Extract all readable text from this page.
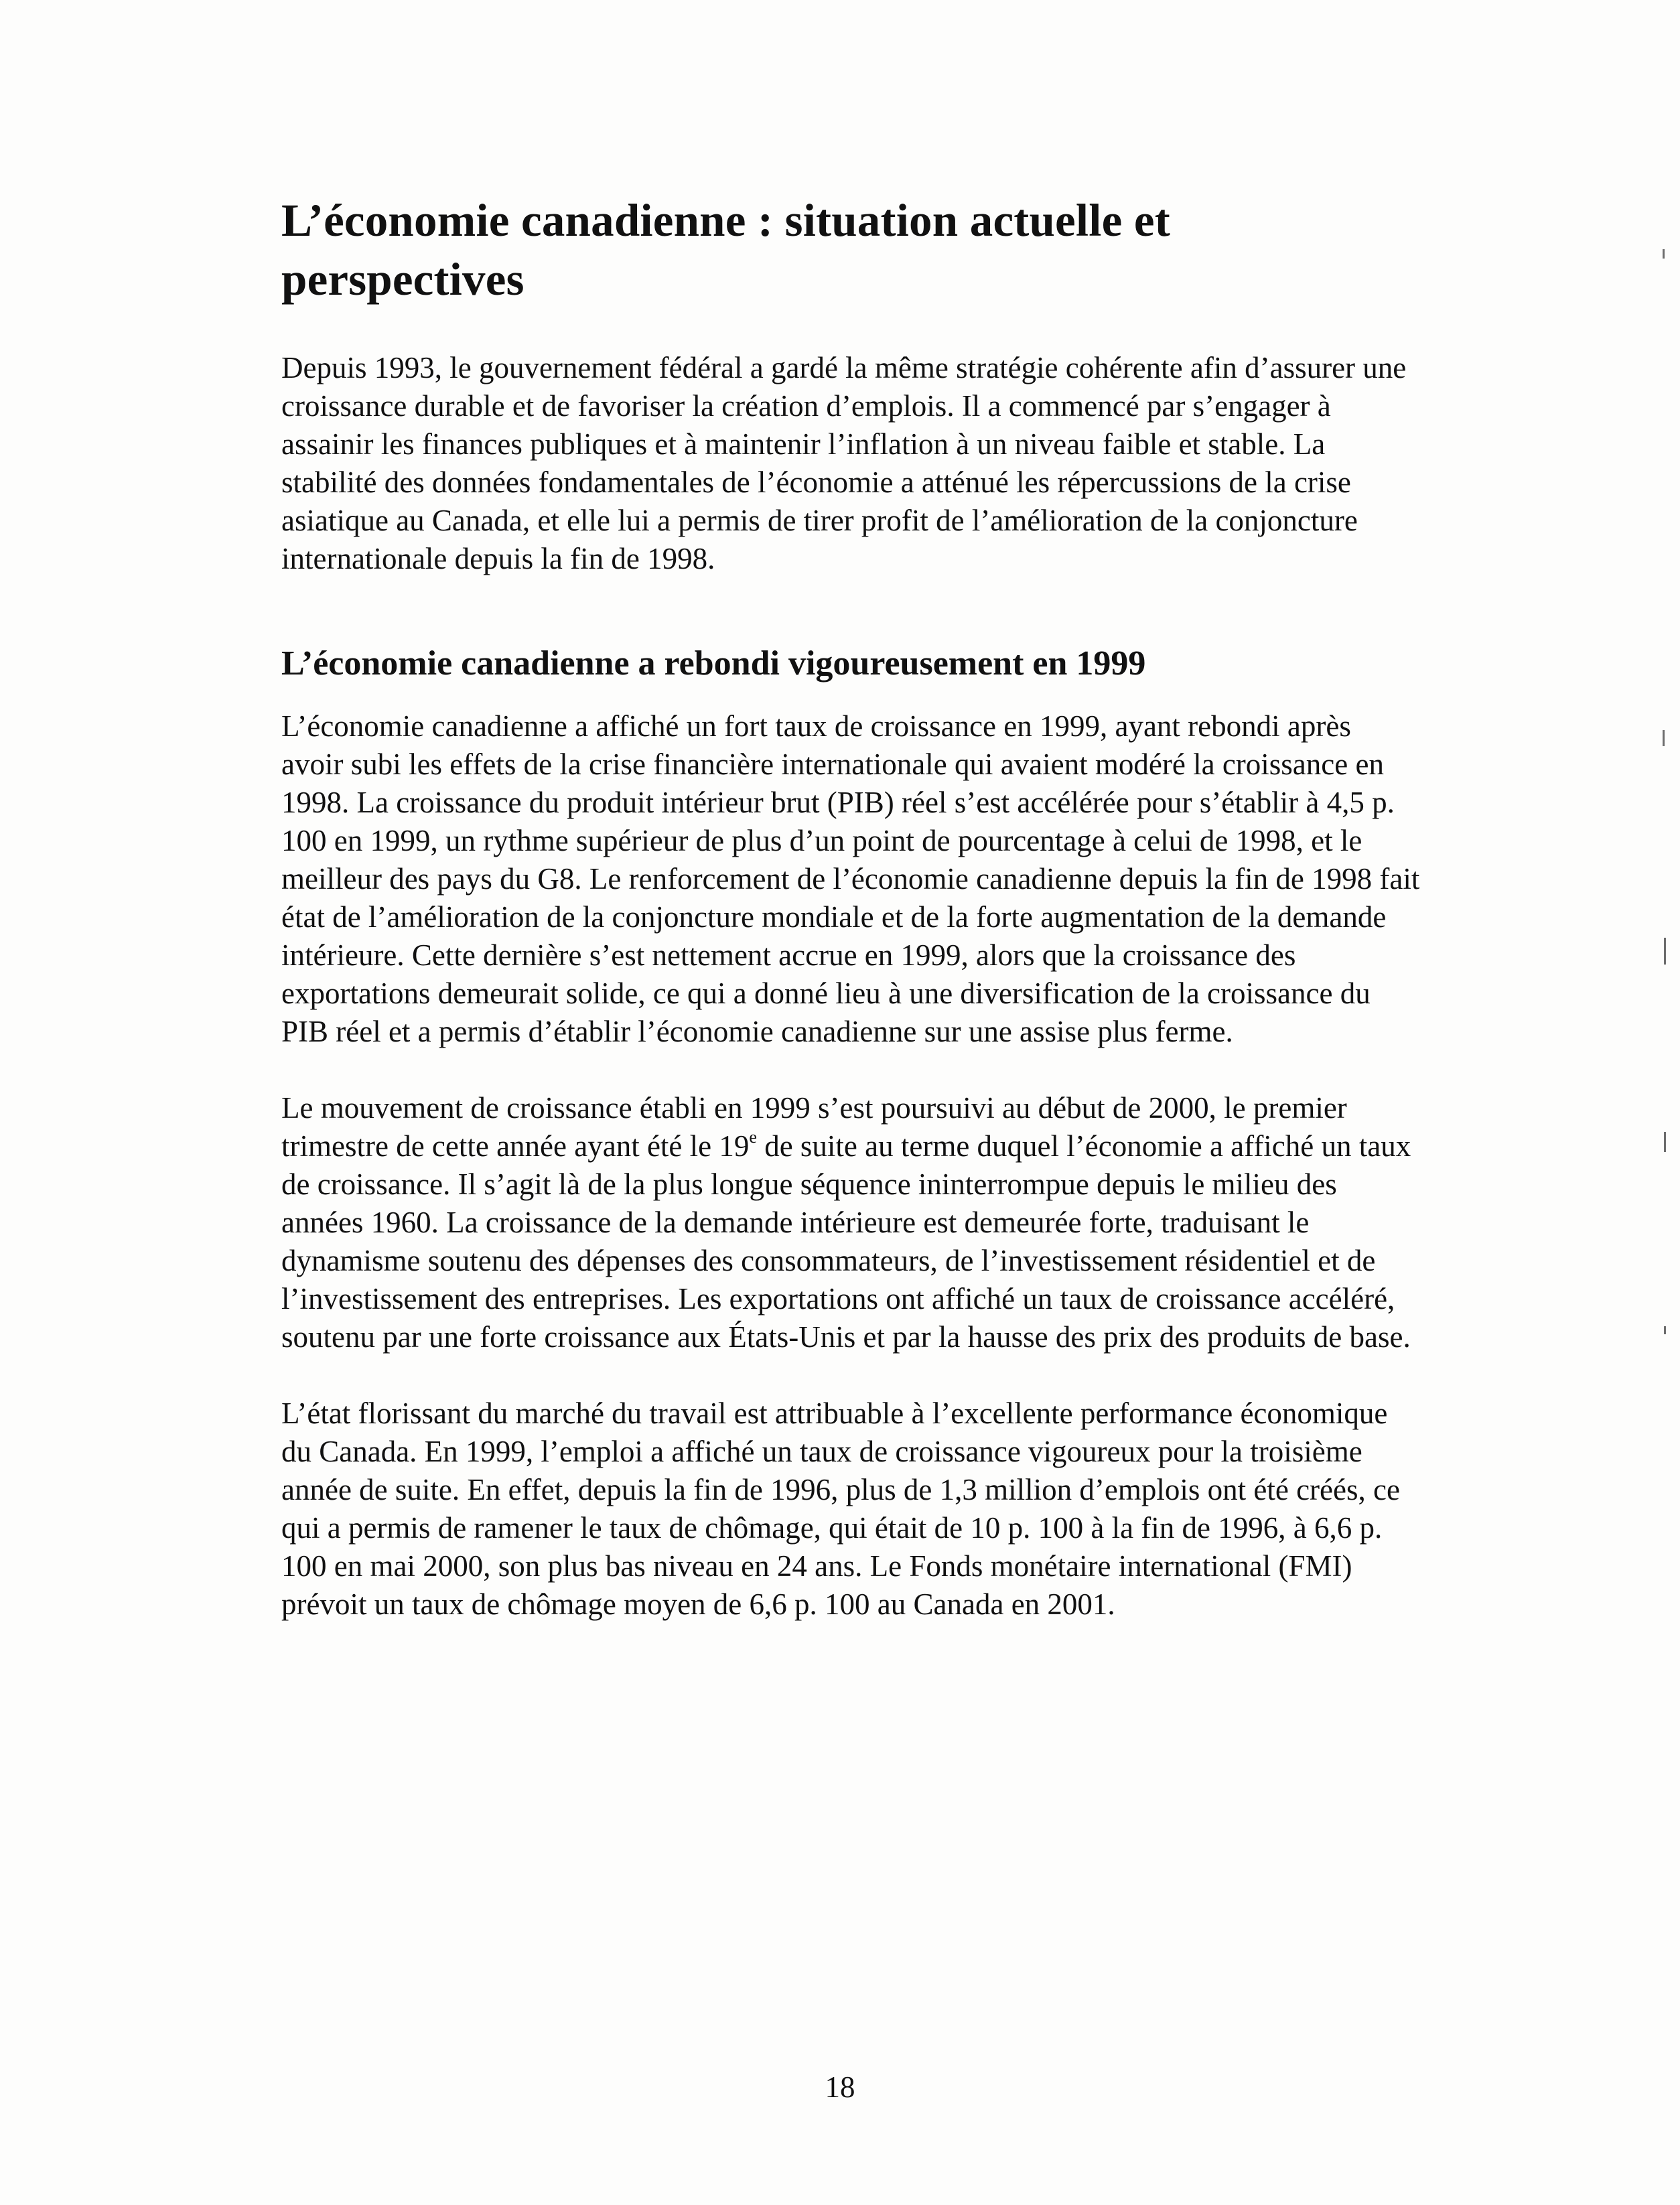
L’économie canadienne : situation actuelle et perspectives

Depuis 1993, le gouvernement fédéral a gardé la même stratégie cohérente afin d’assurer une croissance durable et de favoriser la création d’emplois. Il a commencé par s’engager à assainir les finances publiques et à maintenir l’inflation à un niveau faible et stable. La stabilité des données fondamentales de l’économie a atténué les répercussions de la crise asiatique au Canada, et elle lui a permis de tirer profit de l’amélioration de la conjoncture internationale depuis la fin de 1998.

L’économie canadienne a rebondi vigoureusement en 1999

L’économie canadienne a affiché un fort taux de croissance en 1999, ayant rebondi après avoir subi les effets de la crise financière internationale qui avaient modéré la croissance en 1998. La croissance du produit intérieur brut (PIB) réel s’est accélérée pour s’établir à 4,5 p. 100 en 1999, un rythme supérieur de plus d’un point de pourcentage à celui de 1998, et le meilleur des pays du G8. Le renforcement de l’économie canadienne depuis la fin de 1998 fait état de l’amélioration de la conjoncture mondiale et de la forte augmentation de la demande intérieure. Cette dernière s’est nettement accrue en 1999, alors que la croissance des exportations demeurait solide, ce qui a donné lieu à une diversification de la croissance du PIB réel et a permis d’établir l’économie canadienne sur une assise plus ferme.

Le mouvement de croissance établi en 1999 s’est poursuivi au début de 2000, le premier trimestre de cette année ayant été le 19e de suite au terme duquel l’économie a affiché un taux de croissance. Il s’agit là de la plus longue séquence ininterrompue depuis le milieu des années 1960. La croissance de la demande intérieure est demeurée forte, traduisant le dynamisme soutenu des dépenses des consommateurs, de l’investissement résidentiel et de l’investissement des entreprises. Les exportations ont affiché un taux de croissance accéléré, soutenu par une forte croissance aux États-Unis et par la hausse des prix des produits de base.

L’état florissant du marché du travail est attribuable à l’excellente performance économique du Canada. En 1999, l’emploi a affiché un taux de croissance vigoureux pour la troisième année de suite. En effet, depuis la fin de 1996, plus de 1,3 million d’emplois ont été créés, ce qui a permis de ramener le taux de chômage, qui était de 10 p. 100 à la fin de 1996, à 6,6 p. 100 en mai 2000, son plus bas niveau en 24 ans. Le Fonds monétaire international (FMI) prévoit un taux de chômage moyen de 6,6 p. 100 au Canada en 2001.

18
